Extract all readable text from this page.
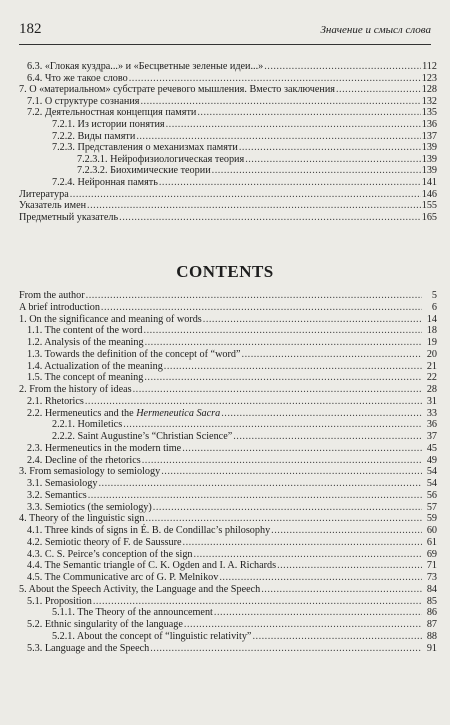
182	Значение и смысл слова
6.3. «Глокая куздра...» и «Бесцветные зеленые идеи...» .....	112
6.4. Что же такое слово .....	123
7. О «материальном» субстрате речевого мышления. Вместо заключения .....	128
7.1. О структуре сознания .....	132
7.2. Деятельностная концепция памяти .....	135
7.2.1. Из истории понятия .....	136
7.2.2. Виды памяти .....	137
7.2.3. Представления о механизмах памяти .....	139
7.2.3.1. Нейрофизиологическая теория .....	139
7.2.3.2. Биохимические теории .....	139
7.2.4. Нейронная память .....	141
Литература .....	146
Указатель имен .....	155
Предметный указатель .....	165
CONTENTS
From the author .....	5
A brief introduction .....	6
1. On the significance and meaning of words .....	14
1.1. The content of the word .....	18
1.2. Analysis of the meaning .....	19
1.3. Towards the definition of the concept of “word” .....	20
1.4. Actualization of the meaning .....	21
1.5. The concept of meaning .....	22
2. From the history of ideas .....	28
2.1. Rhetorics .....	31
2.2. Hermeneutics and the Hermeneutica Sacra .....	33
2.2.1. Homiletics .....	36
2.2.2. Saint Augustine’s “Christian Science” .....	37
2.3. Hermeneutics in the modern time .....	45
2.4. Decline of the rhetorics .....	49
3. From semasiology to semiology .....	54
3.1. Semasiology .....	54
3.2. Semantics .....	56
3.3. Semiotics (the semiology) .....	57
4. Theory of the linguistic sign .....	59
4.1. Three kinds of signs in É. B. de Condillac’s philosophy .....	60
4.2. Semiotic theory of F. de Saussure .....	61
4.3. C. S. Peirce’s conception of the sign .....	69
4.4. The Semantic triangle of C. K. Ogden and I. A. Richards .....	71
4.5. The Communicative arc of G. P. Melnikov .....	73
5. About the Speech Activity, the Language and the Speech .....	84
5.1. Proposition .....	85
5.1.1. The Theory of the announcement .....	86
5.2. Ethnic singularity of the language .....	87
5.2.1. About the concept of “linguistic relativity” .....	88
5.3. Language and the Speech .....	91
